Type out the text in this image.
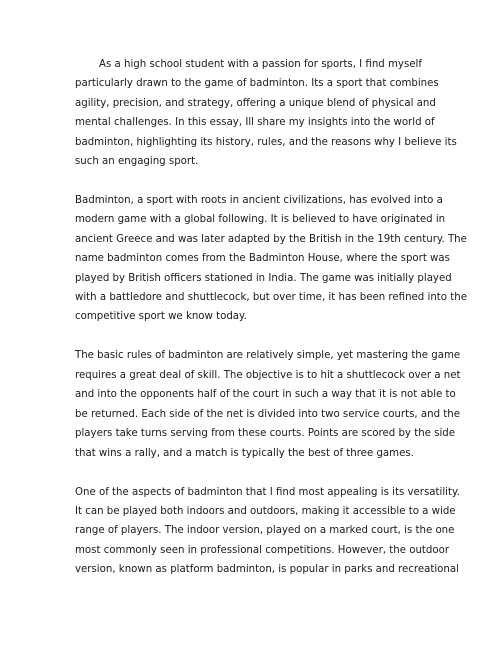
As a high school student with a passion for sports, I find myself particularly drawn to the game of badminton. Its a sport that combines agility, precision, and strategy, offering a unique blend of physical and mental challenges. In this essay, Ill share my insights into the world of badminton, highlighting its history, rules, and the reasons why I believe its such an engaging sport.

Badminton, a sport with roots in ancient civilizations, has evolved into a modern game with a global following. It is believed to have originated in ancient Greece and was later adapted by the British in the 19th century. The name badminton comes from the Badminton House, where the sport was played by British officers stationed in India. The game was initially played with a battledore and shuttlecock, but over time, it has been refined into the competitive sport we know today.

The basic rules of badminton are relatively simple, yet mastering the game requires a great deal of skill. The objective is to hit a shuttlecock over a net and into the opponents half of the court in such a way that it is not able to be returned. Each side of the net is divided into two service courts, and the players take turns serving from these courts. Points are scored by the side that wins a rally, and a match is typically the best of three games.

One of the aspects of badminton that I find most appealing is its versatility. It can be played both indoors and outdoors, making it accessible to a wide range of players. The indoor version, played on a marked court, is the one most commonly seen in professional competitions. However, the outdoor version, known as platform badminton, is popular in parks and recreational
